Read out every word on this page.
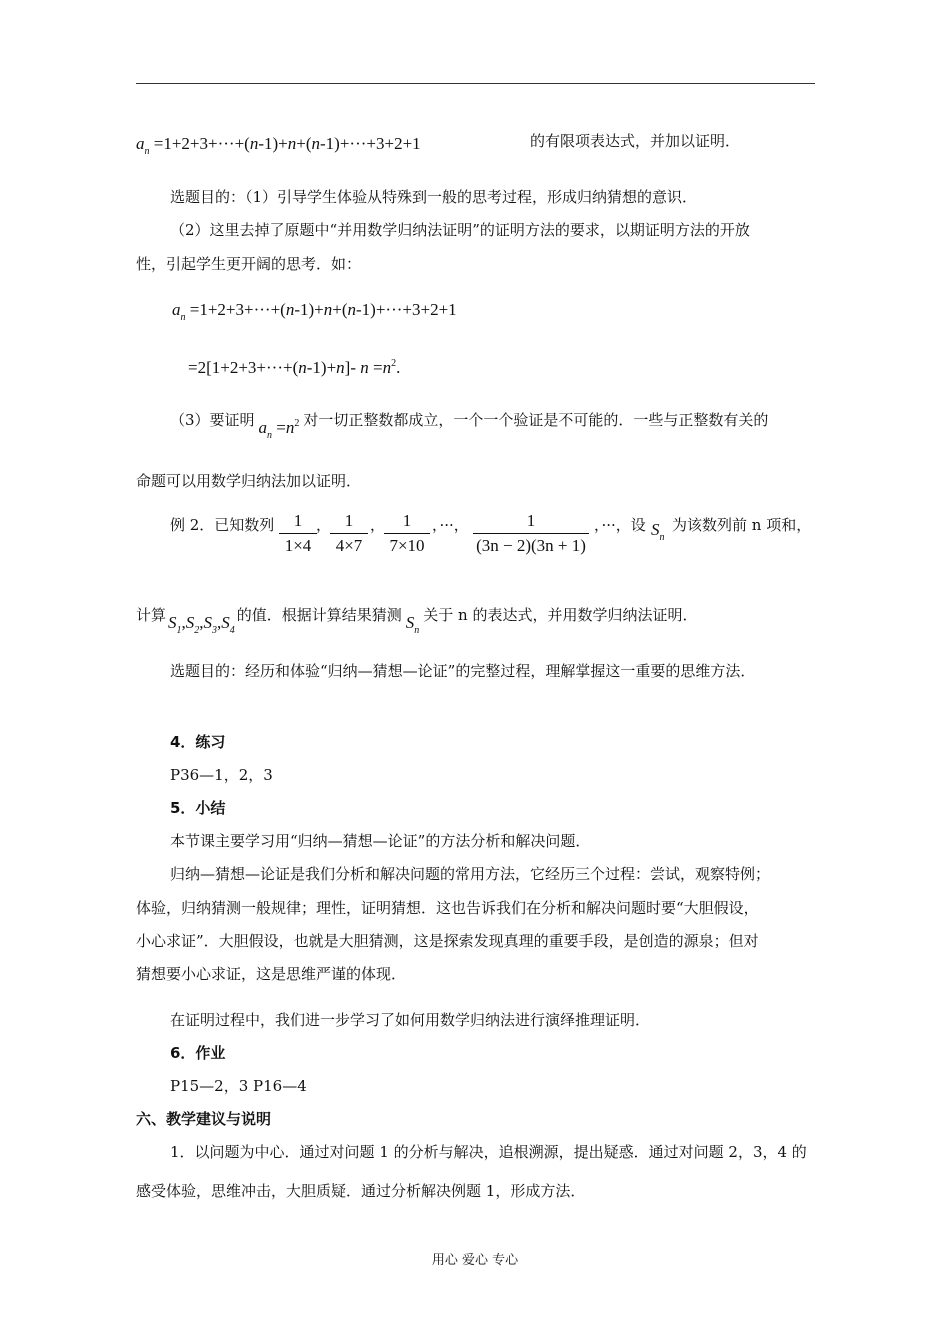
$a_n =1+2+3+\cdot\cdot\cdot+(n-1)+n+(n-1)+\cdot\cdot\cdot+3+2+1$	的有限项表达式，并加以证明．
选题目的：（1）引导学生体验从特殊到一般的思考过程，形成归纳猜想的意识．
（2）这里去掉了原题中“并用数学归纳法证明”的证明方法的要求，以期证明方法的开放
性，引起学生更开阔的思考．如：
$a_n =1+2+3+\cdot\cdot\cdot+(n-1)+n+(n-1)+\cdot\cdot\cdot+3+2+1$
=2[1+2+3+···+(n-1)+n]- $n =n^2$.
（3）要证明 $a_n =n^2$ 对一切正整数都成立，一个一个验证是不可能的．一些与正整数有关的
命题可以用数学归纳法加以证明．
例 2．已知数列	1
1×4
， 1
4×7
，	1
7×10
，···，	1
(3n − 2)(3n + 1)
，···，设 $S_n$
为该数列前 n 项和，
计算 $S_1,S_2,S_3,S_4$的值．根据计算结果猜测 $S_n$关于 n 的表达式，并用数学归纳法证明．
选题目的：经历和体验“归纳—猜想—论证”的完整过程，理解掌握这一重要的思维方法．
4．练习
P36—1，2，3
5．小结
本节课主要学习用“归纳—猜想—论证”的方法分析和解决问题．
归纳—猜想—论证是我们分析和解决问题的常用方法，它经历三个过程：尝试，观察特例；
体验，归纳猜测一般规律；理性，证明猜想．这也告诉我们在分析和解决问题时要“大胆假设，
小心求证”．大胆假设，也就是大胆猜测，这是探索发现真理的重要手段，是创造的源泉；但对
猜想要小心求证，这是思维严谨的体现．
在证明过程中，我们进一步学习了如何用数学归纳法进行演绎推理证明．
6．作业
P15—2，3 P16—4
六、教学建议与说明
1．以问题为中心．通过对问题 1 的分析与解决，追根溯源，提出疑惑．通过对问题 2，3，4 的
感受体验，思维冲击，大胆质疑．通过分析解决例题 1，形成方法．
用心 爱心 专心
